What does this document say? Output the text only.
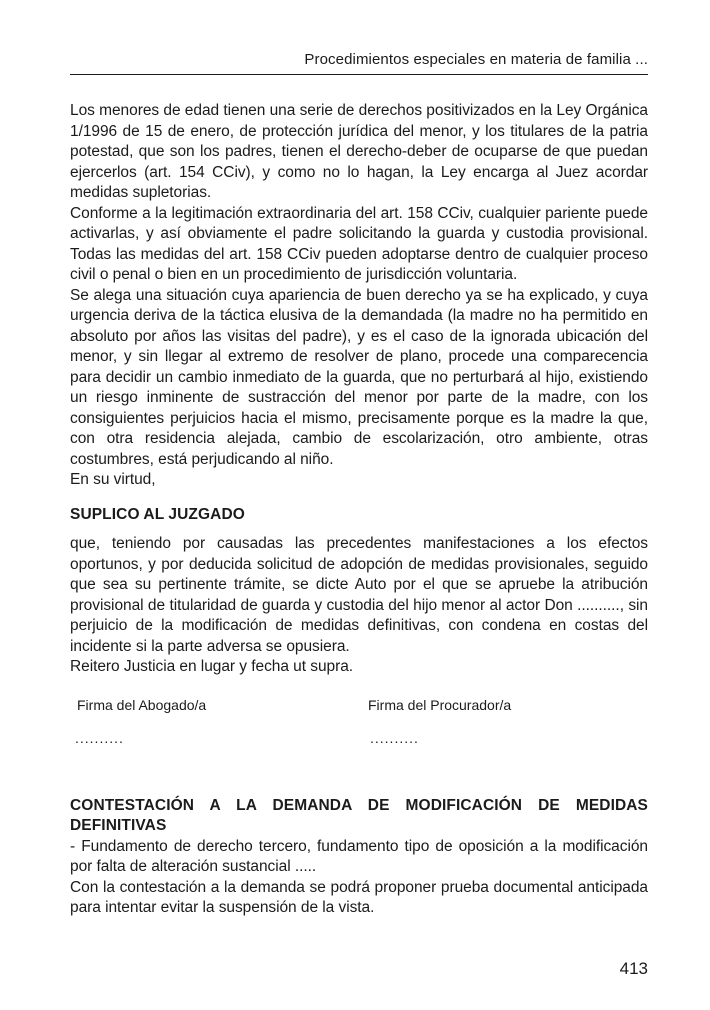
Procedimientos especiales en materia de familia ...

Los menores de edad tienen una serie de derechos positivizados en la Ley Orgánica 1/1996 de 15 de enero, de protección jurídica del menor, y los titulares de la patria potestad, que son los padres, tienen el derecho-deber de ocuparse de que puedan ejercerlos (art. 154 CCiv), y como no lo hagan, la Ley encarga al Juez acordar medidas supletorias.

Conforme a la legitimación extraordinaria del art. 158 CCiv, cualquier pariente puede activarlas, y así obviamente el padre solicitando la guarda y custodia provisional. Todas las medidas del art. 158 CCiv pueden adoptarse dentro de cualquier proceso civil o penal o bien en un procedimiento de jurisdicción voluntaria.

Se alega una situación cuya apariencia de buen derecho ya se ha explicado, y cuya urgencia deriva de la táctica elusiva de la demandada (la madre no ha permitido en absoluto por años las visitas del padre), y es el caso de la ignorada ubicación del menor, y sin llegar al extremo de resolver de plano, procede una comparecencia para decidir un cambio inmediato de la guarda, que no perturbará al hijo, existiendo un riesgo inminente de sustracción del menor por parte de la madre, con los consiguientes perjuicios hacia el mismo, precisamente porque es la madre la que, con otra residencia alejada, cambio de escolarización, otro ambiente, otras costumbres, está perjudicando al niño.

En su virtud,

SUPLICO AL JUZGADO

que, teniendo por causadas las precedentes manifestaciones a los efectos oportunos, y por deducida solicitud de adopción de medidas provisionales, seguido que sea su pertinente trámite, se dicte Auto por el que se apruebe la atribución provisional de titularidad de guarda y custodia del hijo menor al actor Don .........., sin perjuicio de la modificación de medidas definitivas, con condena en costas del incidente si la parte adversa se opusiera.

Reitero Justicia en lugar y fecha ut supra.

Firma del Abogado/a	Firma del Procurador/a
..........	..........
CONTESTACIÓN A LA DEMANDA DE MODIFICACIÓN DE MEDIDAS DEFINITIVAS

- Fundamento de derecho tercero, fundamento tipo de oposición a la modificación por falta de alteración sustancial .....

Con la contestación a la demanda se podrá proponer prueba documental anticipada para intentar evitar la suspensión de la vista.

413
